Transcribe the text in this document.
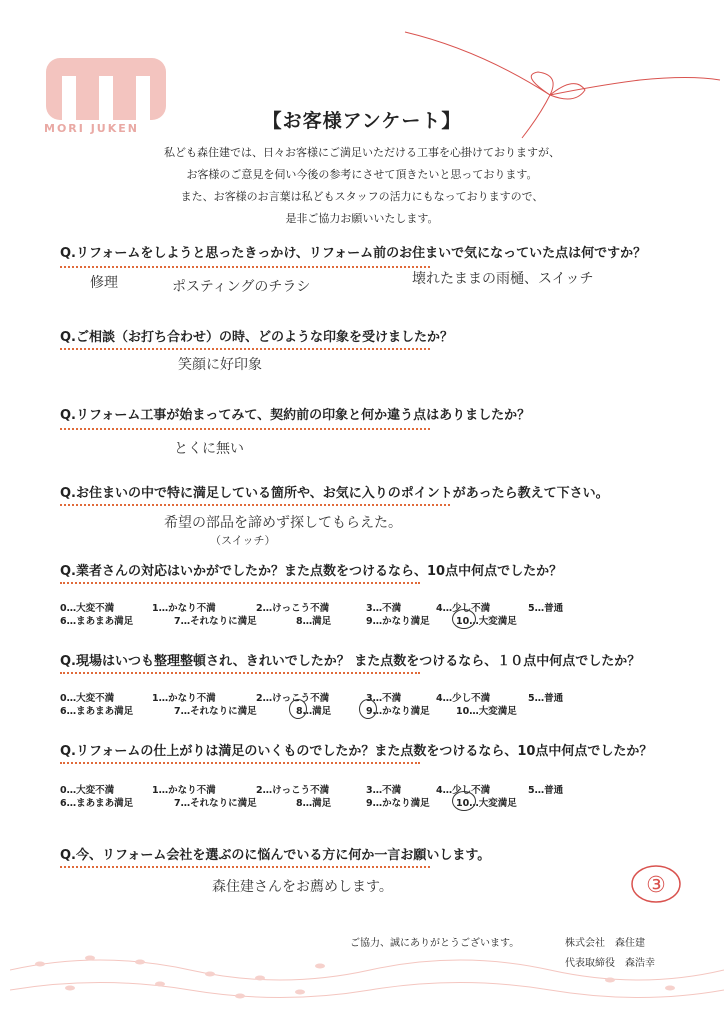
MORI JUKEN	【お客様アンケート】
私ども森住建では、日々お客様にご満足いただける工事を心掛けておりますが、
お客様のご意見を伺い今後の参考にさせて頂きたいと思っております。
また、お客様のお言葉は私どもスタッフの活力にもなっておりますので、
是非ご協力お願いいたします。
Q.リフォームをしようと思ったきっかけ、リフォーム前のお住まいで気になっていた点は何ですか？
修理	ポスティングのチラシ	壊れたままの雨樋、スイッチ
Q.ご相談（お打ち合わせ）の時、どのような印象を受けましたか？
笑顔に好印象
Q.リフォーム工事が始まってみて、契約前の印象と何か違う点はありましたか？
とくに無い
Q.お住まいの中で特に満足している箇所や、お気に入りのポイントがあったら教えて下さい。
希望の部品を諦めず探してもらえた。
（スイッチ）
Q.業者さんの対応はいかがでしたか？また点数をつけるなら、10点中何点でしたか？
0…大変不満	1…かなり不満	2…けっこう不満	3…不満	4…少し不満	5…普通
6…まあまあ満足	7…それなりに満足	8…満足	9…かなり満足	10…大変満足
Q.現場はいつも整理整頓され、きれいでしたか？ また点数をつけるなら、１０点中何点でしたか？
0…大変不満	1…かなり不満	2…けっこう不満	3…不満	4…少し不満	5…普通
6…まあまあ満足	7…それなりに満足	8…満足	9…かなり満足	10…大変満足
Q.リフォームの仕上がりは満足のいくものでしたか？また点数をつけるなら、10点中何点でしたか？
0…大変不満	1…かなり不満	2…けっこう不満	3…不満	4…少し不満	5…普通
6…まあまあ満足	7…それなりに満足	8…満足	9…かなり満足	10…大変満足
Q.今、リフォーム会社を選ぶのに悩んでいる方に何か一言お願いします。
森住建さんをお薦めします。	③
ご協力、誠にありがとうございます。	株式会社　森住建
代表取締役　森浩幸
